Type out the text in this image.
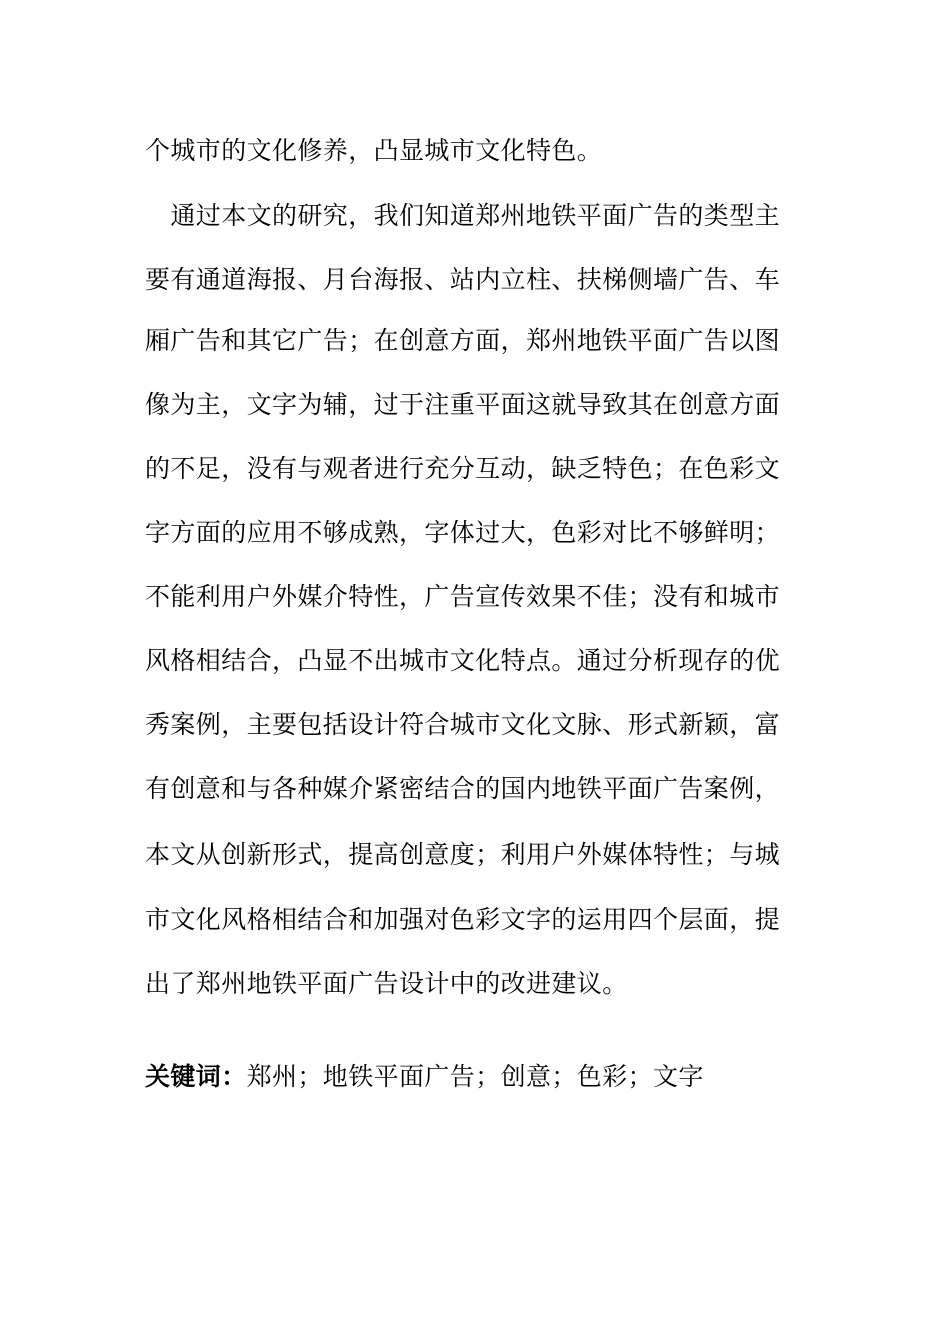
个城市的文化修养，凸显城市文化特色。
　通过本文的研究，我们知道郑州地铁平面广告的类型主
要有通道海报、月台海报、站内立柱、扶梯侧墙广告、车
厢广告和其它广告；在创意方面，郑州地铁平面广告以图
像为主，文字为辅，过于注重平面这就导致其在创意方面
的不足，没有与观者进行充分互动，缺乏特色；在色彩文
字方面的应用不够成熟，字体过大，色彩对比不够鲜明；
不能利用户外媒介特性，广告宣传效果不佳；没有和城市
风格相结合，凸显不出城市文化特点。通过分析现存的优
秀案例，主要包括设计符合城市文化文脉、形式新颖，富
有创意和与各种媒介紧密结合的国内地铁平面广告案例，
本文从创新形式，提高创意度；利用户外媒体特性；与城
市文化风格相结合和加强对色彩文字的运用四个层面，提
出了郑州地铁平面广告设计中的改进建议。
关键词：郑州；地铁平面广告；创意；色彩；文字
